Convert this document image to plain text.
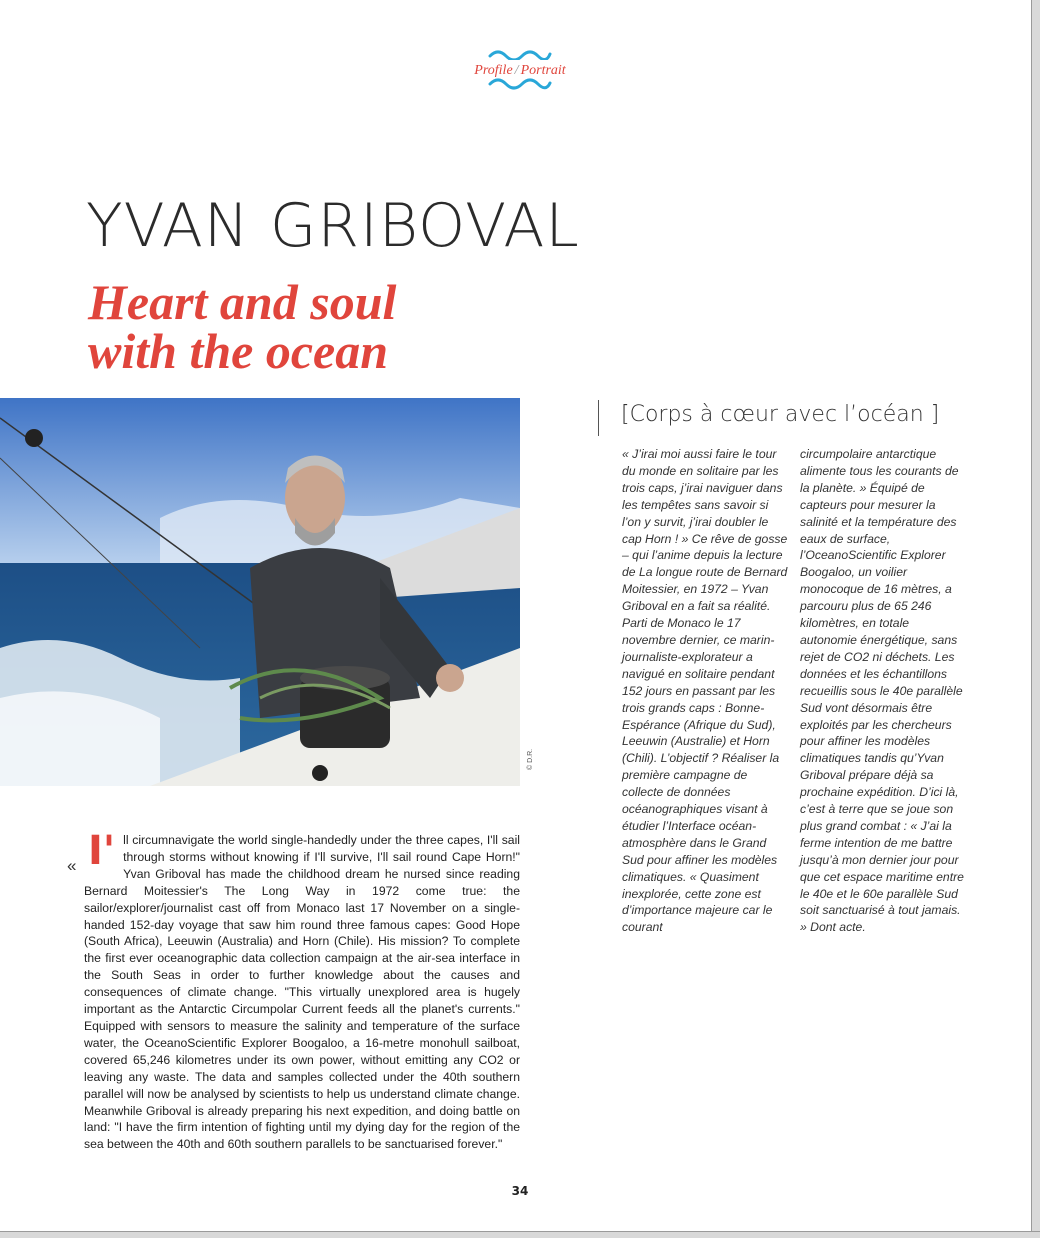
Profile / Portrait
YVAN GRIBOVAL
Heart and soul
with the ocean
© D.R.
« I' ll circumnavigate the world single-handedly under the three capes, I'll sail through storms without knowing if I'll survive, I'll sail round Cape Horn!" Yvan Griboval has made the childhood dream he nursed since reading Bernard Moitessier's The Long Way in 1972 come true: the sailor/explorer/journalist cast off from Monaco last 17 November on a single-handed 152-day voyage that saw him round three famous capes: Good Hope (South Africa), Leeuwin (Australia) and Horn (Chile). His mission? To complete the first ever oceanographic data collection campaign at the air-sea interface in the South Seas in order to further knowledge about the causes and consequences of climate change. "This virtually unexplored area is hugely important as the Antarctic Circumpolar Current feeds all the planet's currents." Equipped with sensors to measure the salinity and temperature of the surface water, the OceanoScientific Explorer Boogaloo, a 16-metre monohull sailboat, covered 65,246 kilometres under its own power, without emitting any CO2 or leaving any waste. The data and samples collected under the 40th southern parallel will now be analysed by scientists to help us understand climate change. Meanwhile Griboval is already preparing his next expedition, and doing battle on land: "I have the firm intention of fighting until my dying day for the region of the sea between the 40th and 60th southern parallels to be sanctuarised forever."
[Corps à cœur avec l’océan ]
« J’irai moi aussi faire le tour du monde en solitaire par les trois caps, j’irai naviguer dans les tempêtes sans savoir si l’on y survit, j’irai doubler le cap Horn ! » Ce rêve de gosse – qui l’anime depuis la lecture de La longue route de Bernard Moitessier, en 1972 – Yvan Griboval en a fait sa réalité. Parti de Monaco le 17 novembre dernier, ce marin-journaliste-explorateur a navigué en solitaire pendant 152 jours en passant par les trois grands caps : Bonne-Espérance (Afrique du Sud), Leeuwin (Australie) et Horn (Chili). L’objectif ? Réaliser la première campagne de collecte de données océanographiques visant à étudier l’Interface océan-atmosphère dans le Grand Sud pour affiner les modèles climatiques. « Quasiment inexplorée, cette zone est d’importance majeure car le courant
circumpolaire antarctique alimente tous les courants de la planète. » Équipé de capteurs pour mesurer la salinité et la température des eaux de surface, l’OceanoScientific Explorer Boogaloo, un voilier monocoque de 16 mètres, a parcouru plus de 65 246 kilomètres, en totale autonomie énergétique, sans rejet de CO2 ni déchets. Les données et les échantillons recueillis sous le 40e parallèle Sud vont désormais être exploités par les chercheurs pour affiner les modèles climatiques tandis qu’Yvan Griboval prépare déjà sa prochaine expédition. D’ici là, c’est à terre que se joue son plus grand combat : « J’ai la ferme intention de me battre jusqu’à mon dernier jour pour que cet espace maritime entre le 40e et le 60e parallèle Sud soit sanctuarisé à tout jamais. » Dont acte.
34
